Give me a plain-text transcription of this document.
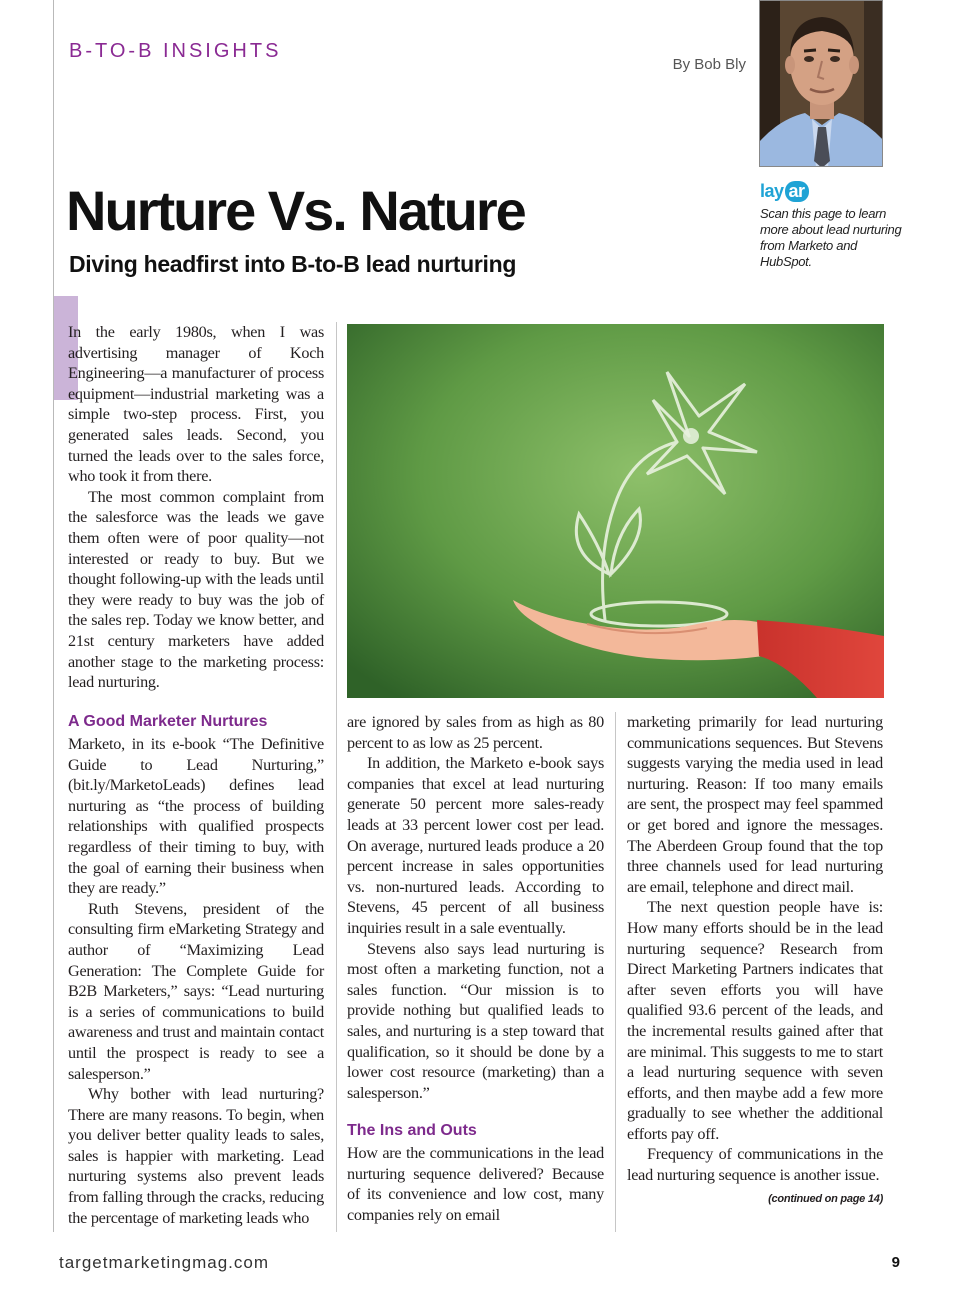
B-TO-B INSIGHTS
By Bob Bly
lay ar
Scan this page to learn more about lead nurturing from Marketo and HubSpot.
Nurture Vs. Nature
Diving headfirst into B-to-B lead nurturing

In the early 1980s, when I was advertising manager of Koch Engineering—a manufacturer of process equipment—industrial marketing was a simple two-step process. First, you generated sales leads. Second, you turned the leads over to the sales force, who took it from there.

The most common complaint from the salesforce was the leads we gave them often were of poor quality—not interested or ready to buy. But we thought following-up with the leads until they were ready to buy was the job of the sales rep. Today we know better, and 21st century marketers have added another stage to the marketing process: lead nurturing.

A Good Marketer Nurtures

Marketo, in its e-book “The Definitive Guide to Lead Nurturing,” (bit.ly/MarketoLeads) defines lead nurturing as “the process of building relationships with qualified prospects regardless of their timing to buy, with the goal of earning their business when they are ready.”

Ruth Stevens, president of the consulting firm eMarketing Strategy and author of “Maximizing Lead Generation: The Complete Guide for B2B Marketers,” says: “Lead nurturing is a series of communications to build awareness and trust and maintain contact until the prospect is ready to see a salesperson.”

Why bother with lead nurturing? There are many reasons. To begin, when you deliver better quality leads to sales, sales is happier with marketing. Lead nurturing systems also prevent leads from falling through the cracks, reducing the percentage of marketing leads who

are ignored by sales from as high as 80 percent to as low as 25 percent.

In addition, the Marketo e-book says companies that excel at lead nurturing generate 50 percent more sales-ready leads at 33 percent lower cost per lead. On average, nurtured leads produce a 20 percent increase in sales opportunities vs. non-nurtured leads. According to Stevens, 45 percent of all business inquiries result in a sale eventually.

Stevens also says lead nurturing is most often a marketing function, not a sales function. “Our mission is to provide nothing but qualified leads to sales, and nurturing is a step toward that qualification, so it should be done by a lower cost resource (marketing) than a salesperson.”

The Ins and Outs

How are the communications in the lead nurturing sequence delivered? Because of its convenience and low cost, many companies rely on email

marketing primarily for lead nurturing communications sequences. But Stevens suggests varying the media used in lead nurturing. Reason: If too many emails are sent, the prospect may feel spammed or get bored and ignore the messages. The Aberdeen Group found that the top three channels used for lead nurturing are email, telephone and direct mail.

The next question people have is: How many efforts should be in the lead nurturing sequence? Research from Direct Marketing Partners indicates that after seven efforts you will have qualified 93.6 percent of the leads, and the incremental results gained after that are minimal. This suggests to me to start a lead nurturing sequence with seven efforts, and then maybe add a few more gradually to see whether the additional efforts pay off.

Frequency of communications in the lead nurturing sequence is another issue.

(continued on page 14)

targetmarketingmag.com	9
